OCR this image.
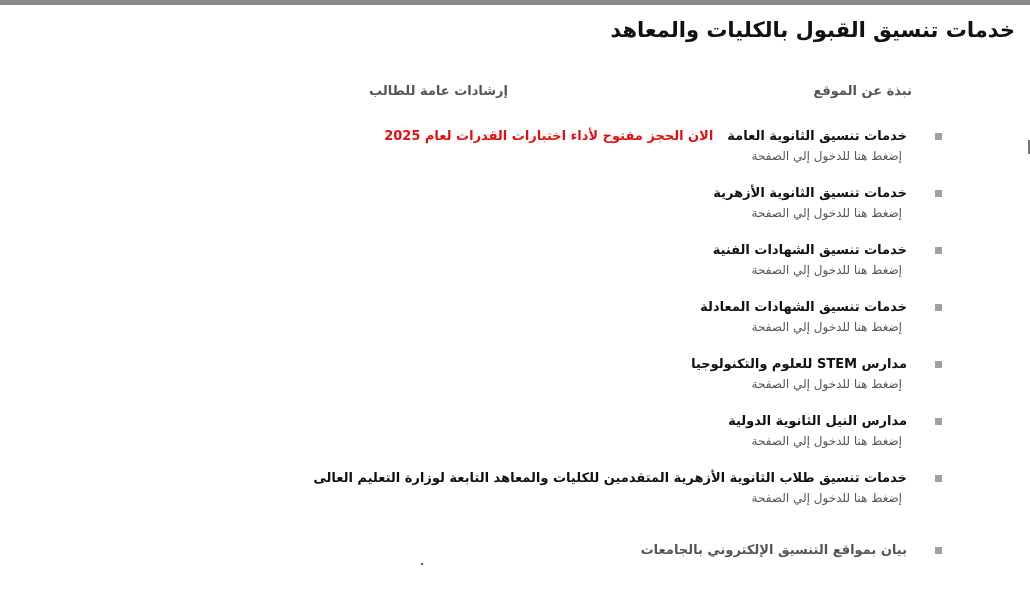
خدمات تنسيق القبول بالكليات والمعاهد
نبذة عن الموقع
إرشادات عامة للطالب
خدمات تنسيق الثانوية العامة
الان الحجز مفتوح لأداء اختبارات القدرات لعام 2025
إضغط هنا للدخول إلي الصفحة
خدمات تنسيق الثانوية الأزهرية
إضغط هنا للدخول إلي الصفحة
خدمات تنسيق الشهادات الفنية
إضغط هنا للدخول إلي الصفحة
خدمات تنسيق الشهادات المعادلة
إضغط هنا للدخول إلي الصفحة
مدارس STEM للعلوم والتكنولوجيا
إضغط هنا للدخول إلي الصفحة
مدارس النيل الثانوية الدولية
إضغط هنا للدخول إلي الصفحة
خدمات تنسيق طلاب الثانوية الأزهرية المتقدمين للكليات والمعاهد التابعة لوزارة التعليم العالى
إضغط هنا للدخول إلي الصفحة
بيان بمواقع التنسيق الإلكتروني بالجامعات
